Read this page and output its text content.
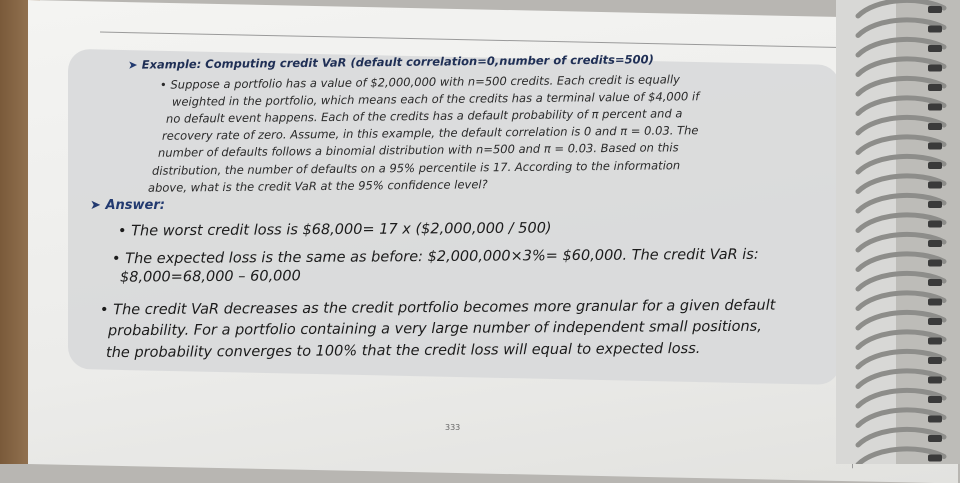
➤ Example: Computing credit VaR (default correlation=0,number of credits=500)
• Suppose a portfolio has a value of $2,000,000 with n=500 credits. Each credit is equally
weighted in the portfolio, which means each of the credits has a terminal value of $4,000 if
no default event happens. Each of the credits has a default probability of π percent and a
recovery rate of zero. Assume, in this example, the default correlation is 0 and π = 0.03. The
number of defaults follows a binomial distribution with n=500 and π = 0.03. Based on this
distribution, the number of defaults on a 95% percentile is 17. According to the information
above, what is the credit VaR at the 95% confidence level?
➤ Answer:
• The worst credit loss is $68,000= 17 x ($2,000,000 / 500)
• The expected loss is the same as before: $2,000,000×3%= $60,000. The credit VaR is:
$8,000=68,000 – 60,000
• The credit VaR decreases as the credit portfolio becomes more granular for a given default
probability. For a portfolio containing a very large number of independent small positions,
the probability converges to 100% that the credit loss will equal to expected loss.
333
